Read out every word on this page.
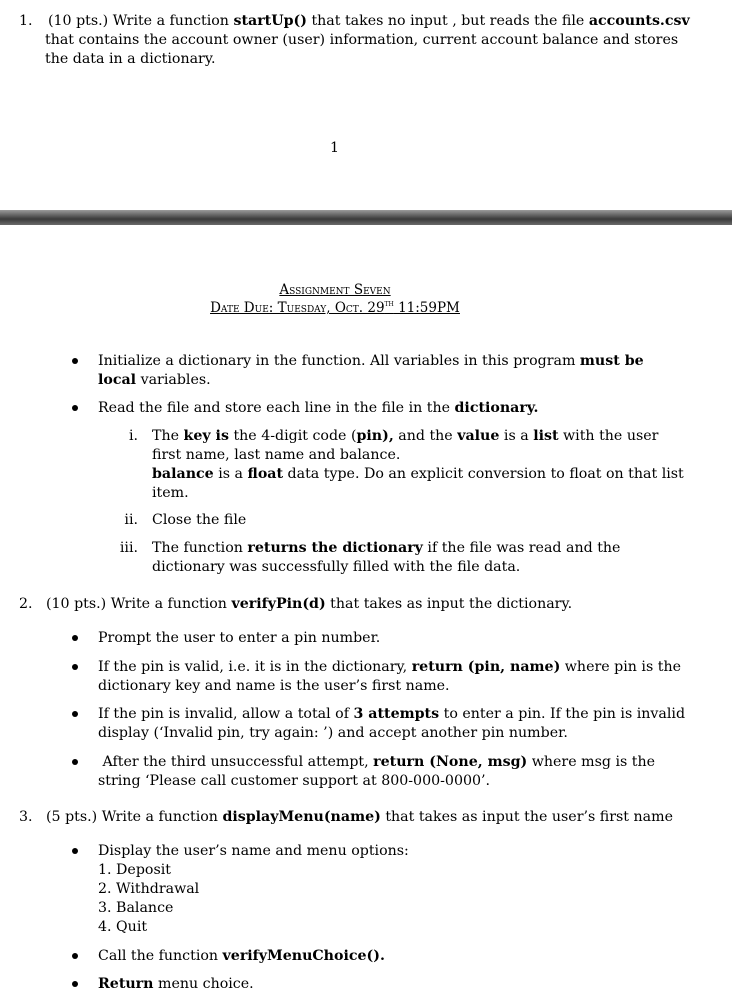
1. (10 pts.) Write a function startUp() that takes no input , but reads the file accounts.csv
that contains the account owner (user) information, current account balance and stores
the data in a dictionary.
1
Assignment Seven
Date Due: Tuesday, Oct. 29th 11:59PM
Initialize a dictionary in the function. All variables in this program must be
local variables.
Read the file and store each line in the file in the dictionary.
i. The key is the 4-digit code (pin), and the value is a list with the user
first name, last name and balance.
balance is a float data type. Do an explicit conversion to float on that list
item.
ii. Close the file
iii. The function returns the dictionary if the file was read and the
dictionary was successfully filled with the file data.
2. (10 pts.) Write a function verifyPin(d) that takes as input the dictionary.
Prompt the user to enter a pin number.
If the pin is valid, i.e. it is in the dictionary, return (pin, name) where pin is the
dictionary key and name is the user’s first name.
If the pin is invalid, allow a total of 3 attempts to enter a pin. If the pin is invalid
display (‘Invalid pin, try again: ’) and accept another pin number.
After the third unsuccessful attempt, return (None, msg) where msg is the
string ‘Please call customer support at 800-000-0000’.
3. (5 pts.) Write a function displayMenu(name) that takes as input the user’s first name
Display the user’s name and menu options:
1. Deposit
2. Withdrawal
3. Balance
4. Quit
Call the function verifyMenuChoice().
Return menu choice.
